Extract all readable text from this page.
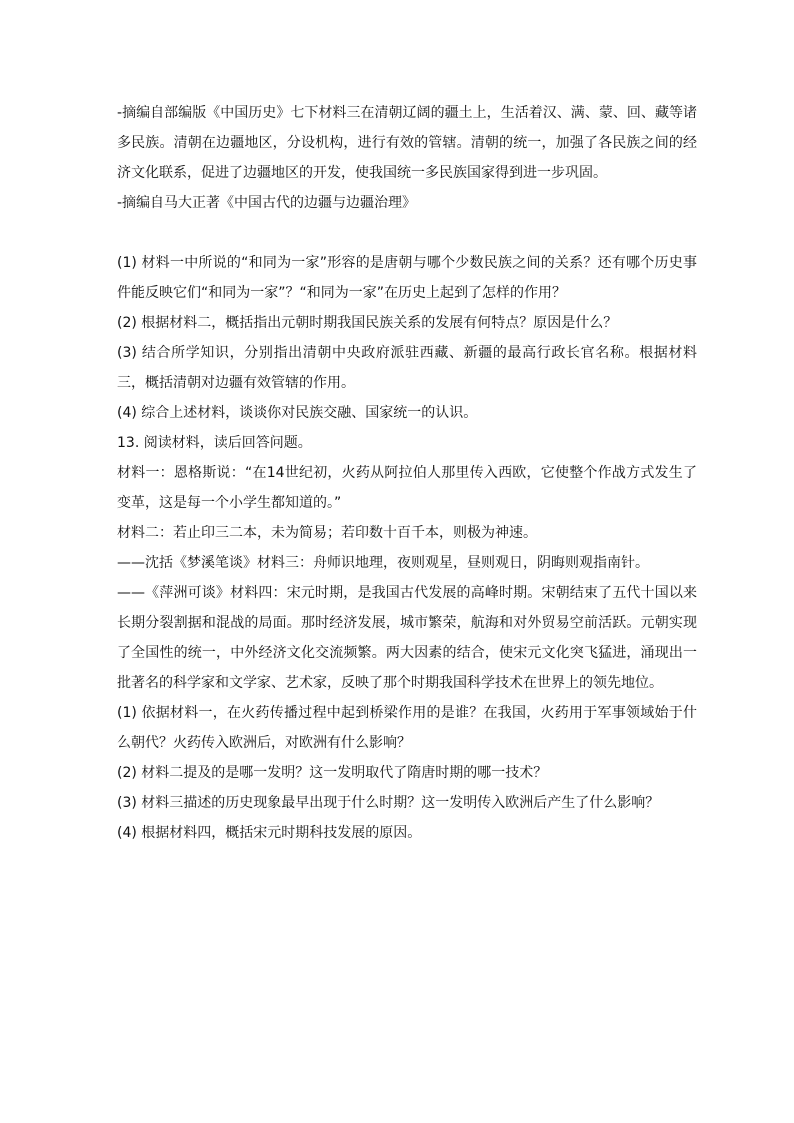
-摘编自部编版《中国历史》七下材料三在清朝辽阔的疆土上，生活着汉、满、蒙、回、藏等诸多民族。清朝在边疆地区，分设机构，进行有效的管辖。清朝的统一，加强了各民族之间的经济文化联系，促进了边疆地区的开发，使我国统一多民族国家得到进一步巩固。

-摘编自马大正著《中国古代的边疆与边疆治理》

(1) 材料一中所说的“和同为一家”形容的是唐朝与哪个少数民族之间的关系？还有哪个历史事件能反映它们“和同为一家”？“和同为一家”在历史上起到了怎样的作用？

(2) 根据材料二，概括指出元朝时期我国民族关系的发展有何特点？原因是什么？

(3) 结合所学知识，分别指出清朝中央政府派驻西藏、新疆的最高行政长官名称。根据材料三，概括清朝对边疆有效管辖的作用。

(4) 综合上述材料，谈谈你对民族交融、国家统一的认识。

13. 阅读材料，读后回答问题。

材料一：恩格斯说：“在14世纪初，火药从阿拉伯人那里传入西欧，它使整个作战方式发生了变革，这是每一个小学生都知道的。”

材料二：若止印三二本，未为简易；若印数十百千本，则极为神速。

——沈括《梦溪笔谈》材料三：舟师识地理，夜则观星，昼则观日，阴晦则观指南针。

——《萍洲可谈》材料四：宋元时期，是我国古代发展的高峰时期。宋朝结束了五代十国以来长期分裂割据和混战的局面。那时经济发展，城市繁荣，航海和对外贸易空前活跃。元朝实现了全国性的统一，中外经济文化交流频繁。两大因素的结合，使宋元文化突飞猛进，涌现出一批著名的科学家和文学家、艺术家，反映了那个时期我国科学技术在世界上的领先地位。

(1) 依据材料一，在火药传播过程中起到桥梁作用的是谁？在我国，火药用于军事领域始于什么朝代？火药传入欧洲后，对欧洲有什么影响？

(2) 材料二提及的是哪一发明？这一发明取代了隋唐时期的哪一技术？

(3) 材料三描述的历史现象最早出现于什么时期？这一发明传入欧洲后产生了什么影响？

(4) 根据材料四，概括宋元时期科技发展的原因。
